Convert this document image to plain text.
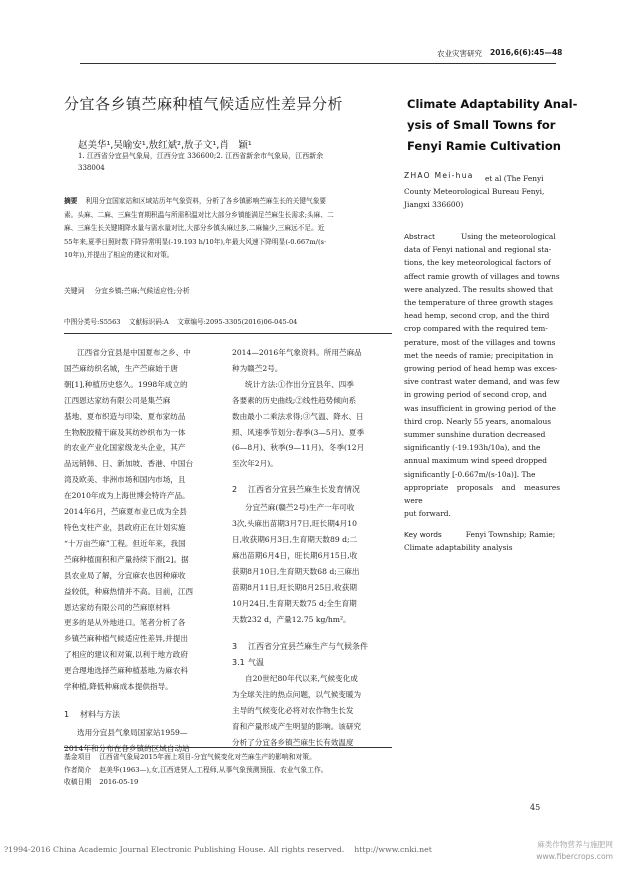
农业灾害研究 2016,6(6):45—48
分宜各乡镇苎麻种植气候适应性差异分析	Climate Adaptability Anal-
ysis of Small Towns for
Fenyi Ramie Cultivation
赵美华¹,吴喻安¹,敖红斌²,敖子文¹,肖　颖¹
1. 江西省分宜县气象局，江西分宜 336600;2. 江西省新余市气象局，江西新余
338004
ZHAO Mei-hua	et al (The Fenyi
County Meteorological Bureau Fenyi,
Jiangxi 336600)
摘要 利用分宜国家站和区域站历年气象资料，分析了各乡镇影响苎麻生长的关键气象要
素。头麻、二麻、三麻生育期积温与所需积温对比大部分乡镇能满足苎麻生长需求;头麻、二
麻、三麻生长关键期降水量与需水量对比,大部分乡镇头麻过多,二麻偏少,三麻远不足。近
55年来,夏季日照时数下降异常明显(-19.193 h/10年),年最大风速下降明显(-0.667m/(s·
10年)),并提出了相应的建议和对策。
关键词 分宜乡镇;苎麻;气候适应性;分析
中图分类号:S5563    文献标识码:A    文章编号:2095-3305(2016)06-045-04
Abstract	Using the meteorological
data of Fenyi national and regional sta-
tions, the key meteorological factors of
affect ramie growth of villages and towns
were analyzed. The results showed that
the temperature of three growth stages
head hemp, second crop, and the third
crop compared with the required tem-
perature, most of the villages and towns
met the needs of ramie; precipitation in
growing period of head hemp was exces-
sive contrast water demand, and was few
in growing period of second crop, and
was insufficient in growing period of the
third crop. Nearly 55 years, anomalous
summer sunshine duration decreased
significantly (-19.193h/10a), and the
annual maximum wind speed dropped
significantly [-0.667m/(s·10a)]. The
appropriate proposals and measures were
put forward.
Key words	Fenyi Township; Ramie;
Climate adaptability analysis
江西省分宜县是中国夏布之乡、中
国苎麻纺织名城，生产苎麻始于唐
朝[1],种植历史悠久。1998年成立的
江西恩达家纺有限公司是集苎麻
基地、夏布织造与印染、夏布家纺品
生物脱胶精干麻及其纺纱织布为一体
的农业产业化国家级龙头企业，其产
品远销韩、日、新加坡、香港、中国台
湾及欧美、非洲市场和国内市场，且
在2010年成为上海世博会特许产品。
2014年6月，苎麻夏布业已成为全县
特色支柱产业，县政府正在计划实施
“十万亩苎麻”工程。但近年来，我国
苎麻种植面积和产量持续下滑[2]。据
县农业局了解，分宜麻农也因种麻收
益较低，种麻热情并不高。目前，江西
恩达家纺有限公司的苎麻原材料
更多的是从外地进口。笔者分析了各
乡镇苎麻种植气候适应性差异,并提出
了相应的建议和对策,以利于地方政府
更合理地选择苎麻种植基地,为麻农科
学种植,降低种麻成本提供指导。
1 材料与方法
选用分宜县气象局国家站1959—
2014年和分布在各乡镇的区域自动站
2014—2016年气象资料。所用苎麻品
种为赣苎2号。
统计方法:①作出分宜县年、四季
各要素的历史曲线;②线性趋势倾向系
数由最小二乘法求得;③气温、降水、日
照、风速季节划分:春季(3—5月)、夏季
(6—8月)、秋季(9—11月)、冬季(12月
至次年2月)。
2 江西省分宜县苎麻生长发育情况
分宜苎麻(赣苎2号)生产一年可收
3次,头麻出苗期3月7日,旺长期4月10
日,收获期6月3日,生育期天数89 d;二
麻出苗期6月4日，旺长期6月15日,收
获期8月10日,生育期天数68 d;三麻出
苗期8月11日,旺长期8月25日,收获期
10月24日,生育期天数75 d;全生育期
天数232 d，产量12.75 kg/hm²。
3 江西省分宜县苎麻生产与气候条件
3.1 气温
自20世纪80年代以来,气候变化成
为全球关注的热点问题，以气候变暖为
主导的气候变化必将对农作物生长发
育和产量形成产生明显的影响。该研究
分析了分宜各乡镇苎麻生长有效温度
基金项目 江西省气象局2015年面上项目-分宜气候变化对苎麻生产的影响和对策。
作者简介 赵美华(1963—),女,江西进贤人,工程师,从事气象预测预报、农业气象工作。
收稿日期 2016-05-19
45
?1994-2016 China Academic Journal Electronic Publishing House. All rights reserved.    http://www.cnki.net
麻类作物营养与施肥网
www.fibercrops.com
